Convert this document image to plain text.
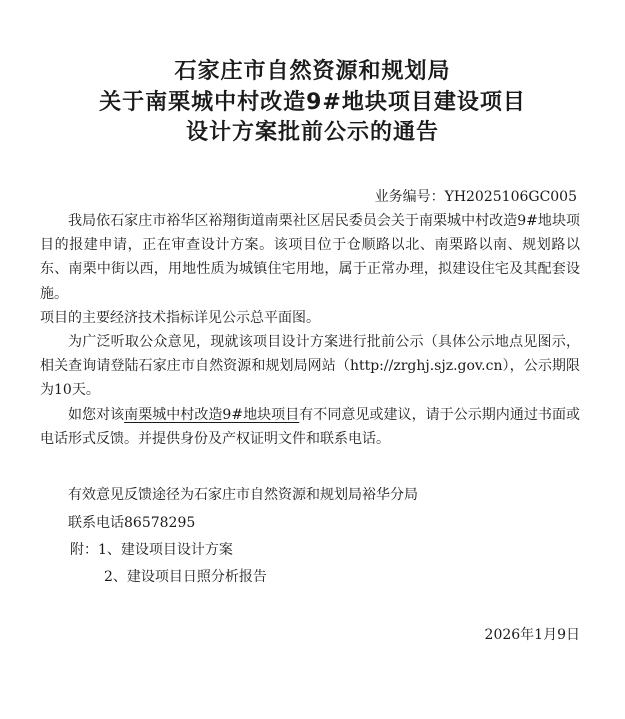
石家庄市自然资源和规划局
关于南栗城中村改造9#地块项目建设项目
设计方案批前公示的通告
业务编号：YH2025106GC005

我局依石家庄市裕华区裕翔街道南栗社区居民委员会关于南栗城中村改造9#地块项目的报建申请，正在审查设计方案。该项目位于仓顺路以北、南栗路以南、规划路以东、南栗中街以西，用地性质为城镇住宅用地，属于正常办理，拟建设住宅及其配套设施。

项目的主要经济技术指标详见公示总平面图。

为广泛听取公众意见，现就该项目设计方案进行批前公示（具体公示地点见图示，相关查询请登陆石家庄市自然资源和规划局网站（http://zrghj.sjz.gov.cn），公示期限为10天。

如您对该南栗城中村改造9#地块项目有不同意见或建议，请于公示期内通过书面或电话形式反馈。并提供身份及产权证明文件和联系电话。

有效意见反馈途径为石家庄市自然资源和规划局裕华分局
联系电话86578295
附：1、建设项目设计方案
2、建设项目日照分析报告
2026年1月9日
